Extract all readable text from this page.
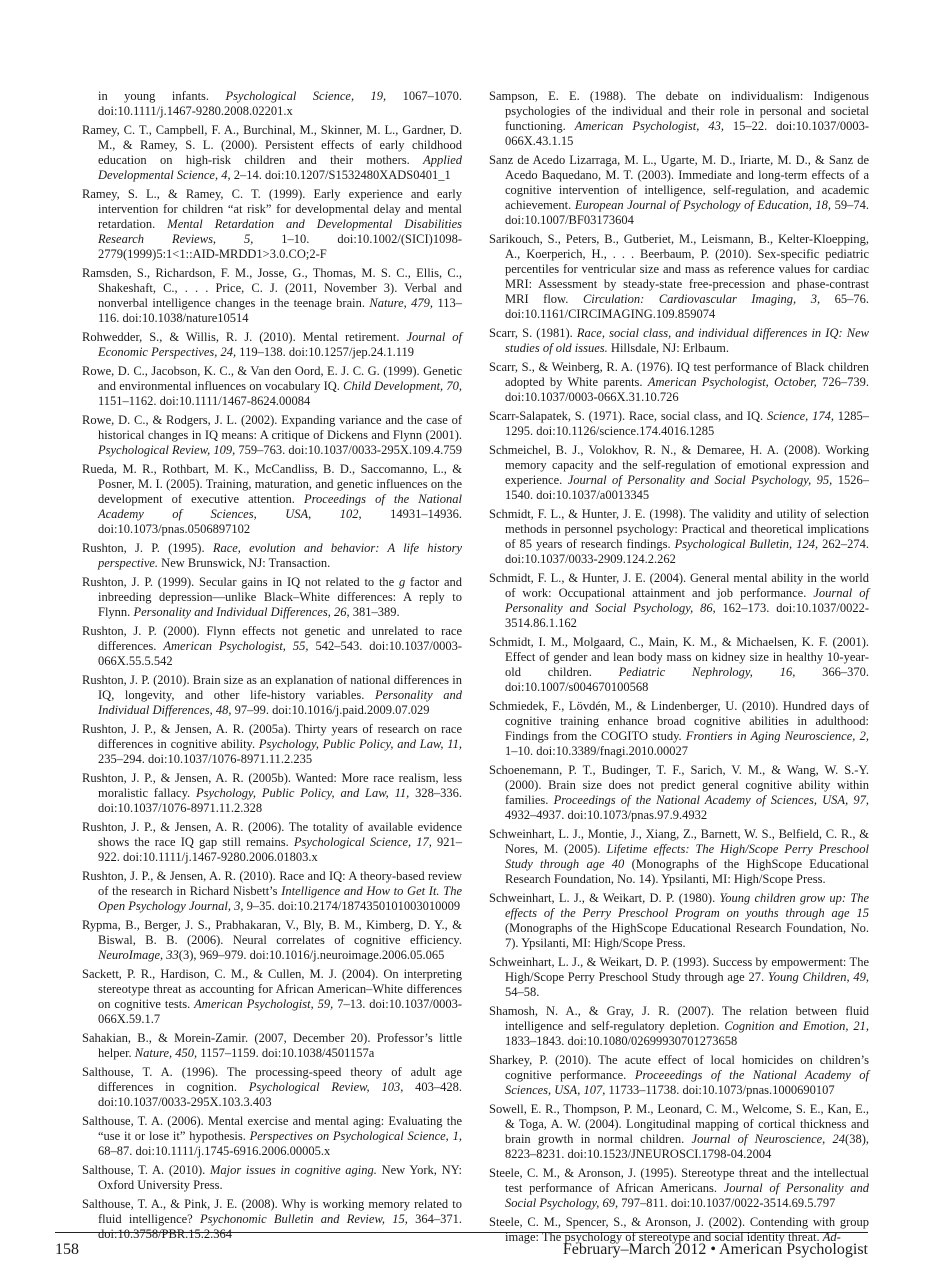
in young infants. Psychological Science, 19, 1067–1070. doi:10.1111/j.1467-9280.2008.02201.x

Ramey, C. T., Campbell, F. A., Burchinal, M., Skinner, M. L., Gardner, D. M., & Ramey, S. L. (2000). Persistent effects of early childhood education on high-risk children and their mothers. Applied Developmental Science, 4, 2–14. doi:10.1207/S1532480XADS0401_1

Ramey, S. L., & Ramey, C. T. (1999). Early experience and early intervention for children “at risk” for developmental delay and mental retardation. Mental Retardation and Developmental Disabilities Research Reviews, 5, 1–10. doi:10.1002/(SICI)1098-2779(1999)5:1<1::AID-MRDD1>3.0.CO;2-F

Ramsden, S., Richardson, F. M., Josse, G., Thomas, M. S. C., Ellis, C., Shakeshaft, C., . . . Price, C. J. (2011, November 3). Verbal and nonverbal intelligence changes in the teenage brain. Nature, 479, 113–116. doi:10.1038/nature10514

Rohwedder, S., & Willis, R. J. (2010). Mental retirement. Journal of Economic Perspectives, 24, 119–138. doi:10.1257/jep.24.1.119

Rowe, D. C., Jacobson, K. C., & Van den Oord, E. J. C. G. (1999). Genetic and environmental influences on vocabulary IQ. Child Development, 70, 1151–1162. doi:10.1111/1467-8624.00084

Rowe, D. C., & Rodgers, J. L. (2002). Expanding variance and the case of historical changes in IQ means: A critique of Dickens and Flynn (2001). Psychological Review, 109, 759–763. doi:10.1037/0033-295X.109.4.759

Rueda, M. R., Rothbart, M. K., McCandliss, B. D., Saccomanno, L., & Posner, M. I. (2005). Training, maturation, and genetic influences on the development of executive attention. Proceedings of the National Academy of Sciences, USA, 102, 14931–14936. doi:10.1073/pnas.0506897102

Rushton, J. P. (1995). Race, evolution and behavior: A life history perspective. New Brunswick, NJ: Transaction.

Rushton, J. P. (1999). Secular gains in IQ not related to the g factor and inbreeding depression—unlike Black–White differences: A reply to Flynn. Personality and Individual Differences, 26, 381–389.

Rushton, J. P. (2000). Flynn effects not genetic and unrelated to race differences. American Psychologist, 55, 542–543. doi:10.1037/0003-066X.55.5.542

Rushton, J. P. (2010). Brain size as an explanation of national differences in IQ, longevity, and other life-history variables. Personality and Individual Differences, 48, 97–99. doi:10.1016/j.paid.2009.07.029

Rushton, J. P., & Jensen, A. R. (2005a). Thirty years of research on race differences in cognitive ability. Psychology, Public Policy, and Law, 11, 235–294. doi:10.1037/1076-8971.11.2.235

Rushton, J. P., & Jensen, A. R. (2005b). Wanted: More race realism, less moralistic fallacy. Psychology, Public Policy, and Law, 11, 328–336. doi:10.1037/1076-8971.11.2.328

Rushton, J. P., & Jensen, A. R. (2006). The totality of available evidence shows the race IQ gap still remains. Psychological Science, 17, 921–922. doi:10.1111/j.1467-9280.2006.01803.x

Rushton, J. P., & Jensen, A. R. (2010). Race and IQ: A theory-based review of the research in Richard Nisbett’s Intelligence and How to Get It. The Open Psychology Journal, 3, 9–35. doi:10.2174/1874350101003010009

Rypma, B., Berger, J. S., Prabhakaran, V., Bly, B. M., Kimberg, D. Y., & Biswal, B. B. (2006). Neural correlates of cognitive efficiency. NeuroImage, 33(3), 969–979. doi:10.1016/j.neuroimage.2006.05.065

Sackett, P. R., Hardison, C. M., & Cullen, M. J. (2004). On interpreting stereotype threat as accounting for African American–White differences on cognitive tests. American Psychologist, 59, 7–13. doi:10.1037/0003-066X.59.1.7

Sahakian, B., & Morein-Zamir. (2007, December 20). Professor’s little helper. Nature, 450, 1157–1159. doi:10.1038/4501157a

Salthouse, T. A. (1996). The processing-speed theory of adult age differences in cognition. Psychological Review, 103, 403–428. doi:10.1037/0033-295X.103.3.403

Salthouse, T. A. (2006). Mental exercise and mental aging: Evaluating the “use it or lose it” hypothesis. Perspectives on Psychological Science, 1, 68–87. doi:10.1111/j.1745-6916.2006.00005.x

Salthouse, T. A. (2010). Major issues in cognitive aging. New York, NY: Oxford University Press.

Salthouse, T. A., & Pink, J. E. (2008). Why is working memory related to fluid intelligence? Psychonomic Bulletin and Review, 15, 364–371. doi:10.3758/PBR.15.2.364

Sampson, E. E. (1988). The debate on individualism: Indigenous psychologies of the individual and their role in personal and societal functioning. American Psychologist, 43, 15–22. doi:10.1037/0003-066X.43.1.15

Sanz de Acedo Lizarraga, M. L., Ugarte, M. D., Iriarte, M. D., & Sanz de Acedo Baquedano, M. T. (2003). Immediate and long-term effects of a cognitive intervention of intelligence, self-regulation, and academic achievement. European Journal of Psychology of Education, 18, 59–74. doi:10.1007/BF03173604

Sarikouch, S., Peters, B., Gutberiet, M., Leismann, B., Kelter-Kloepping, A., Koerperich, H., . . . Beerbaum, P. (2010). Sex-specific pediatric percentiles for ventricular size and mass as reference values for cardiac MRI: Assessment by steady-state free-precession and phase-contrast MRI flow. Circulation: Cardiovascular Imaging, 3, 65–76. doi:10.1161/CIRCIMAGING.109.859074

Scarr, S. (1981). Race, social class, and individual differences in IQ: New studies of old issues. Hillsdale, NJ: Erlbaum.

Scarr, S., & Weinberg, R. A. (1976). IQ test performance of Black children adopted by White parents. American Psychologist, October, 726–739. doi:10.1037/0003-066X.31.10.726

Scarr-Salapatek, S. (1971). Race, social class, and IQ. Science, 174, 1285–1295. doi:10.1126/science.174.4016.1285

Schmeichel, B. J., Volokhov, R. N., & Demaree, H. A. (2008). Working memory capacity and the self-regulation of emotional expression and experience. Journal of Personality and Social Psychology, 95, 1526–1540. doi:10.1037/a0013345

Schmidt, F. L., & Hunter, J. E. (1998). The validity and utility of selection methods in personnel psychology: Practical and theoretical implications of 85 years of research findings. Psychological Bulletin, 124, 262–274. doi:10.1037/0033-2909.124.2.262

Schmidt, F. L., & Hunter, J. E. (2004). General mental ability in the world of work: Occupational attainment and job performance. Journal of Personality and Social Psychology, 86, 162–173. doi:10.1037/0022-3514.86.1.162

Schmidt, I. M., Molgaard, C., Main, K. M., & Michaelsen, K. F. (2001). Effect of gender and lean body mass on kidney size in healthy 10-year-old children. Pediatric Nephrology, 16, 366–370. doi:10.1007/s004670100568

Schmiedek, F., Lövdén, M., & Lindenberger, U. (2010). Hundred days of cognitive training enhance broad cognitive abilities in adulthood: Findings from the COGITO study. Frontiers in Aging Neuroscience, 2, 1–10. doi:10.3389/fnagi.2010.00027

Schoenemann, P. T., Budinger, T. F., Sarich, V. M., & Wang, W. S.-Y. (2000). Brain size does not predict general cognitive ability within families. Proceedings of the National Academy of Sciences, USA, 97, 4932–4937. doi:10.1073/pnas.97.9.4932

Schweinhart, L. J., Montie, J., Xiang, Z., Barnett, W. S., Belfield, C. R., & Nores, M. (2005). Lifetime effects: The High/Scope Perry Preschool Study through age 40 (Monographs of the HighScope Educational Research Foundation, No. 14). Ypsilanti, MI: High/Scope Press.

Schweinhart, L. J., & Weikart, D. P. (1980). Young children grow up: The effects of the Perry Preschool Program on youths through age 15 (Monographs of the HighScope Educational Research Foundation, No. 7). Ypsilanti, MI: High/Scope Press.

Schweinhart, L. J., & Weikart, D. P. (1993). Success by empowerment: The High/Scope Perry Preschool Study through age 27. Young Children, 49, 54–58.

Shamosh, N. A., & Gray, J. R. (2007). The relation between fluid intelligence and self-regulatory depletion. Cognition and Emotion, 21, 1833–1843. doi:10.1080/02699930701273658

Sharkey, P. (2010). The acute effect of local homicides on children’s cognitive performance. Proceeedings of the National Academy of Sciences, USA, 107, 11733–11738. doi:10.1073/pnas.1000690107

Sowell, E. R., Thompson, P. M., Leonard, C. M., Welcome, S. E., Kan, E., & Toga, A. W. (2004). Longitudinal mapping of cortical thickness and brain growth in normal children. Journal of Neuroscience, 24(38), 8223–8231. doi:10.1523/JNEUROSCI.1798-04.2004

Steele, C. M., & Aronson, J. (1995). Stereotype threat and the intellectual test performance of African Americans. Journal of Personality and Social Psychology, 69, 797–811. doi:10.1037/0022-3514.69.5.797

Steele, C. M., Spencer, S., & Aronson, J. (2002). Contending with group image: The psychology of stereotype and social identity threat. Ad-

158	February–March 2012 • American Psychologist
